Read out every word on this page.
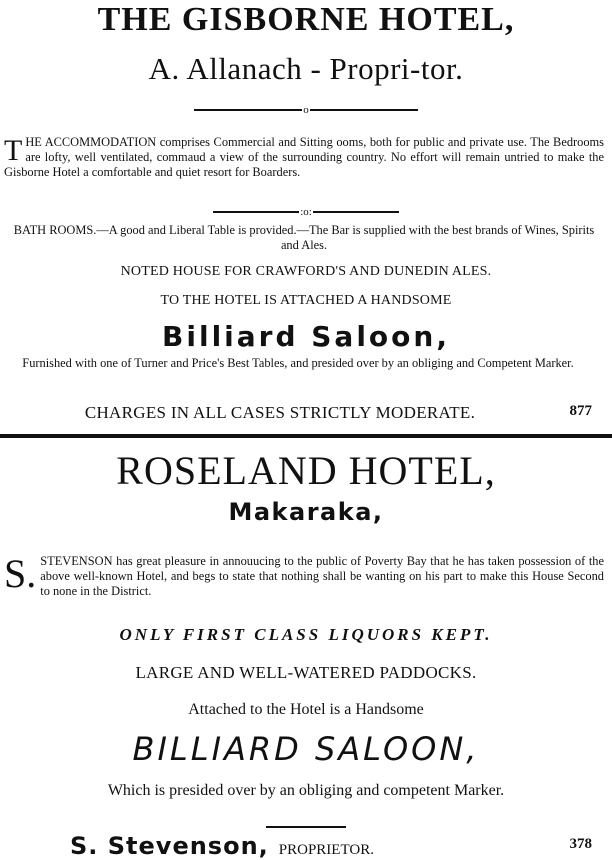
THE GISBORNE HOTEL,
A. Allanach - Propri-tor.
o
THE ACCOMMODATION comprises Commercial and Sitting ooms, both for public and private use. The Bedrooms are lofty, well ventilated, commaud a view of the surrounding country. No effort will remain untried to make the Gisborne Hotel a comfortable and quiet resort for Boarders.
:o:
BATH ROOMS.—A good and Liberal Table is provided.—The Bar is supplied with the best brands of Wines, Spirits and Ales.
NOTED HOUSE FOR CRAWFORD'S AND DUNEDIN ALES.
TO THE HOTEL IS ATTACHED A HANDSOME
Billiard Saloon,
Furnished with one of Turner and Price's Best Tables, and presided over by an obliging and Competent Marker.
CHARGES IN ALL CASES STRICTLY MODERATE.	877
ROSELAND HOTEL,
Makaraka,
S. STEVENSON has great pleasure in annouucing to the public of Poverty Bay that he has taken possession of the above well-known Hotel, and begs to state that nothing shall be wanting on his part to make this House Second to none in the District.
ONLY FIRST CLASS LIQUORS KEPT.
LARGE AND WELL-WATERED PADDOCKS.
Attached to the Hotel is a Handsome
BILLIARD SALOON,
Which is presided over by an obliging and competent Marker.
S. Stevenson, PROPRIETOR.	378
